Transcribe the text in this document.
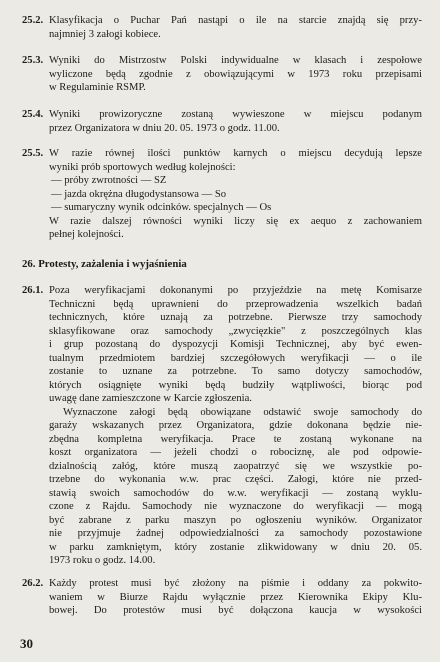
25.2. Klasyfikacja o Puchar Pań nastąpi o ile na starcie znajdą się przy-
najmniej 3 załogi kobiece.
25.3. Wyniki do Mistrzostw Polski indywidualne w klasach i zespołowe
wyliczone będą zgodnie z obowiązującymi w 1973 roku przepisami
w Regulaminie RSMP.
25.4. Wyniki prowizoryczne zostaną wywieszone w miejscu podanym
przez Organizatora w dniu 20. 05. 1973 o godz. 11.00.
25.5. W razie równej ilości punktów karnych o miejscu decydują lepsze
wyniki prób sportowych według kolejności:
— próby zwrotności — SZ
— jazda okrężna długodystansowa — So
— sumaryczny wynik odcinków. specjalnych — Os
W razie dalszej równości wyniki liczy się ex aequo z zachowaniem
pełnej kolejności.
26. Protesty, zażalenia i wyjaśnienia
26.1. Poza weryfikacjami dokonanymi po przyjeździe na metę Komisarze
Techniczni będą uprawnieni do przeprowadzenia wszelkich badań
technicznych, które uznają za potrzebne. Pierwsze trzy samochody
sklasyfikowane oraz samochody „zwycięzkie" z poszczególnych klas
i grup pozostaną do dyspozycji Komisji Technicznej, aby być ewen-
tualnym przedmiotem bardziej szczegółowych weryfikacji — o ile
zostanie to uznane za potrzebne. To samo dotyczy samochodów,
których osiągnięte wyniki będą budziły wątpliwości, biorąc pod
uwagę dane zamieszczone w Karcie zgłoszenia.
Wyznaczone załogi będą obowiązane odstawić swoje samochody do
garaży wskazanych przez Organizatora, gdzie dokonana będzie nie-
zbędna kompletna weryfikacja. Prace te zostaną wykonane na
koszt organizatora — jeżeli chodzi o robociznę, ale pod odpowie-
dzialnością załóg, które muszą zaopatrzyć się we wszystkie po-
trzebne do wykonania w.w. prac części. Załogi, które nie przed-
stawią swoich samochodów do w.w. weryfikacji — zostaną wyklu-
czone z Rajdu. Samochody nie wyznaczone do weryfikacji — mogą
być zabrane z parku maszyn po ogłoszeniu wyników. Organizator
nie przyjmuje żadnej odpowiedzialności za samochody pozostawione
w parku zamkniętym, który zostanie zlikwidowany w dniu 20. 05.
1973 roku o godz. 14.00.
26.2. Każdy protest musi być złożony na piśmie i oddany za pokwito-
waniem w Biurze Rajdu wyłącznie przez Kierownika Ekipy Klu-
bowej. Do protestów musi być dołączona kaucja w wysokości
30
